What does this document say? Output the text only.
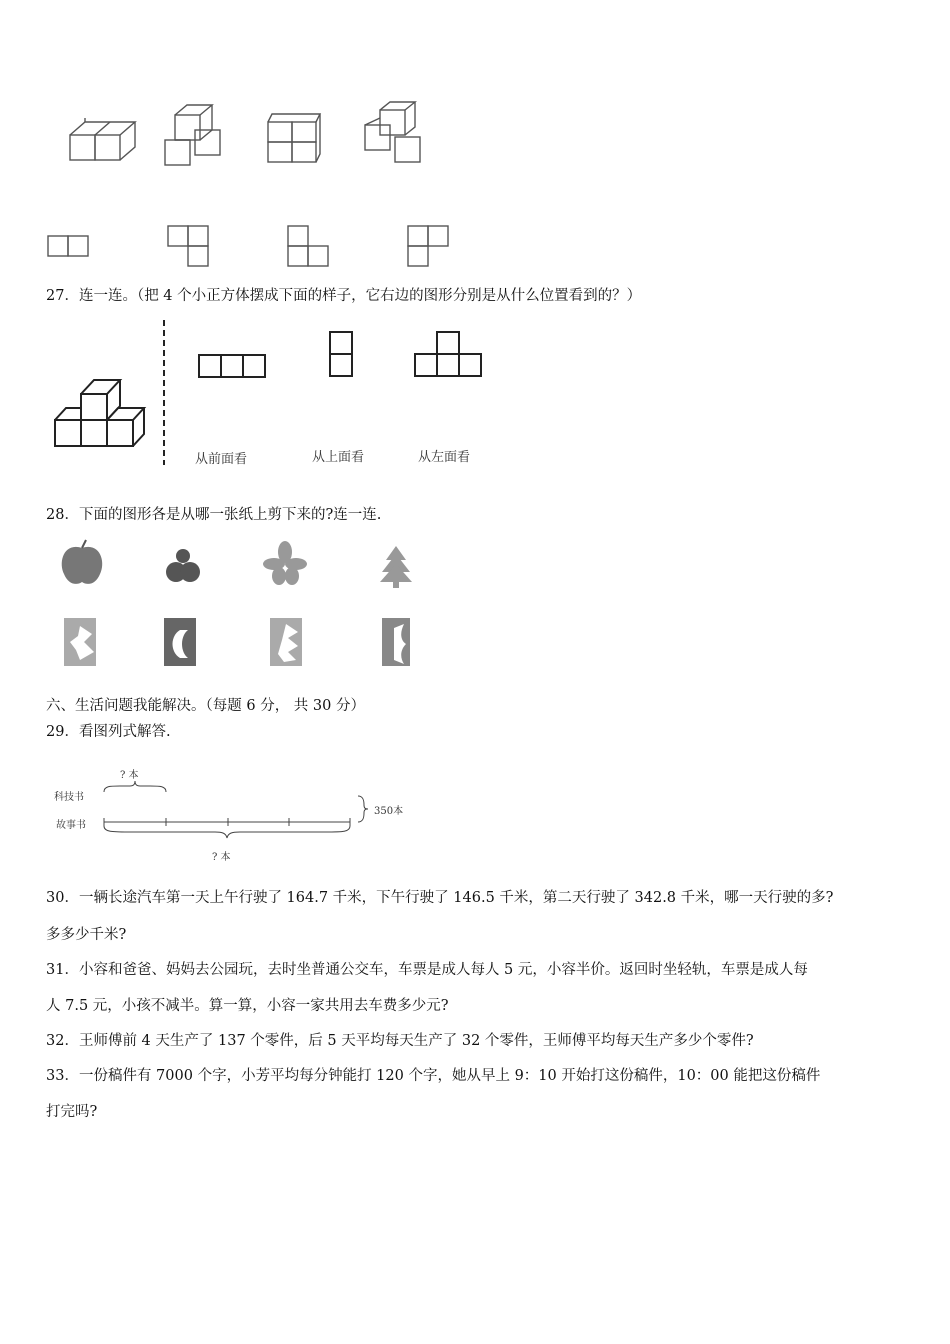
27．连一连。（把 4 个小正方体摆成下面的样子，它右边的图形分别是从什么位置看到的？）
从前面看	从上面看	从左面看
28．下面的图形各是从哪一张纸上剪下来的?连一连.
六、生活问题我能解决。（每题 6 分， 共 30 分）
29．看图列式解答.
? 本
科技书
350本
故事书
? 本
30．一辆长途汽车第一天上午行驶了 164.7 千米，下午行驶了 146.5 千米，第二天行驶了 342.8 千米，哪一天行驶的多?
多多少千米?
31．小容和爸爸、妈妈去公园玩，去时坐普通公交车，车票是成人每人 5 元，小容半价。返回时坐轻轨，车票是成人每
人 7.5 元，小孩不减半。算一算，小容一家共用去车费多少元?
32．王师傅前 4 天生产了 137 个零件，后 5 天平均每天生产了 32 个零件，王师傅平均每天生产多少个零件?
33．一份稿件有 7000 个字，小芳平均每分钟能打 120 个字，她从早上 9：10 开始打这份稿件，10：00 能把这份稿件
打完吗?
